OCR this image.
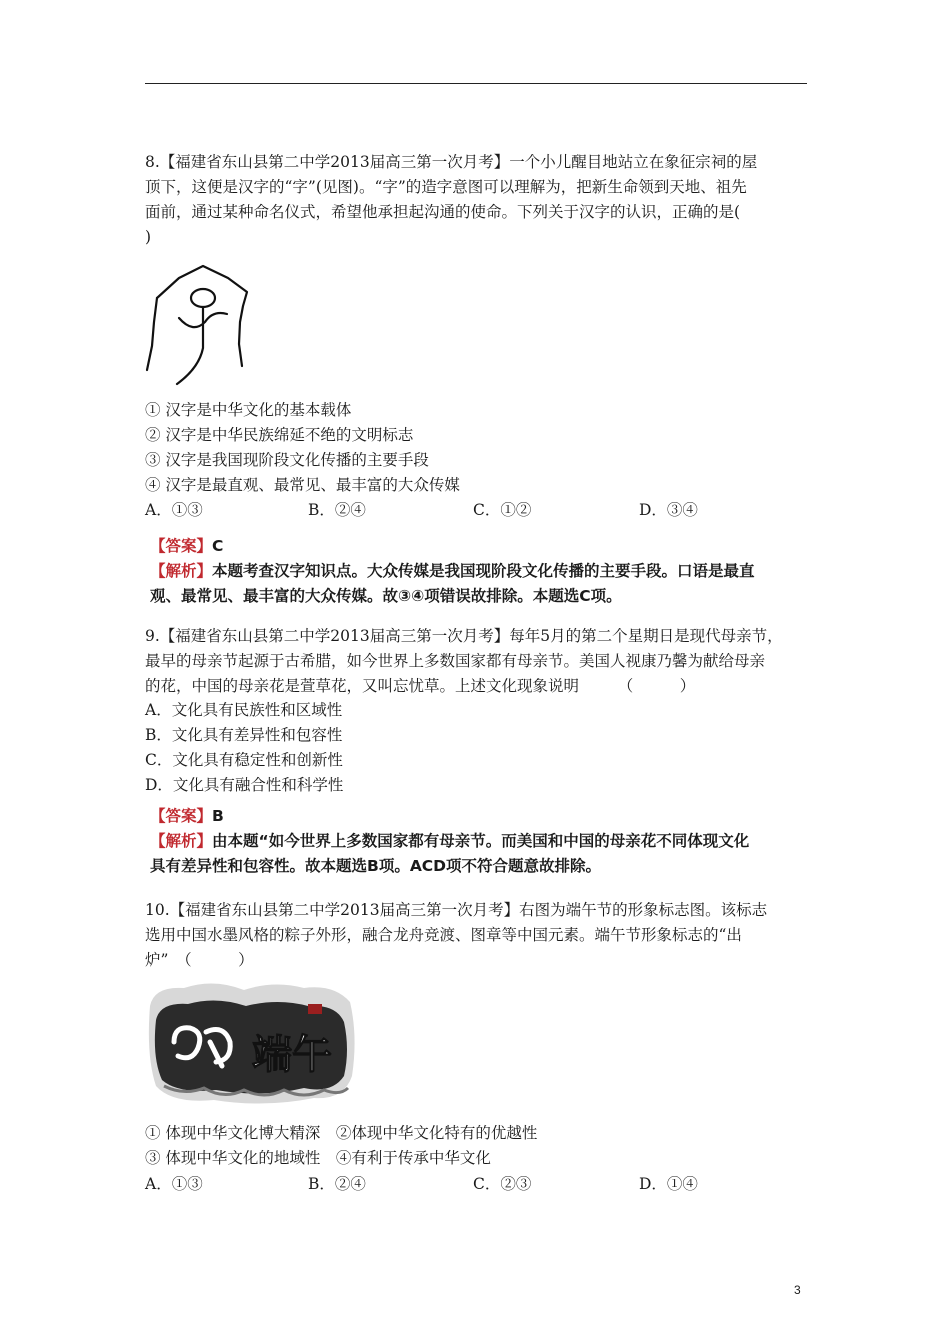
8.【福建省东山县第二中学2013届高三第一次月考】一个小儿醒目地站立在象征宗祠的屋
顶下，这便是汉字的“字”(见图)。“字”的造字意图可以理解为，把新生命领到天地、祖先
面前，通过某种命名仪式，希望他承担起沟通的使命。下列关于汉字的认识，正确的是(
)
① 汉字是中华文化的基本载体
② 汉字是中华民族绵延不绝的文明标志
③ 汉字是我国现阶段文化传播的主要手段
④ 汉字是最直观、最常见、最丰富的大众传媒
A．①③	B．②④	C．①②	D．③④
【答案】C
【解析】本题考查汉字知识点。大众传媒是我国现阶段文化传播的主要手段。口语是最直
观、最常见、最丰富的大众传媒。故③④项错误故排除。本题选C项。
9.【福建省东山县第二中学2013届高三第一次月考】每年5月的第二个星期日是现代母亲节，
最早的母亲节起源于古希腊，如今世界上多数国家都有母亲节。美国人视康乃馨为献给母亲
的花，中国的母亲花是萱草花，又叫忘忧草。上述文化现象说明　　　（　　　）
A．文化具有民族性和区域性
B．文化具有差异性和包容性
C．文化具有稳定性和创新性
D．文化具有融合性和科学性
【答案】B
【解析】由本题“如今世界上多数国家都有母亲节。而美国和中国的母亲花不同体现文化
具有差异性和包容性。故本题选B项。ACD项不符合题意故排除。
10.【福建省东山县第二中学2013届高三第一次月考】右图为端午节的形象标志图。该标志
选用中国水墨风格的粽子外形，融合龙舟竞渡、图章等中国元素。端午节形象标志的“出
炉”　（　　　）
端午
① 体现中华文化博大精深　②体现中华文化特有的优越性
③ 体现中华文化的地域性　④有利于传承中华文化
A．①③	B．②④	C．②③	D．①④
3
